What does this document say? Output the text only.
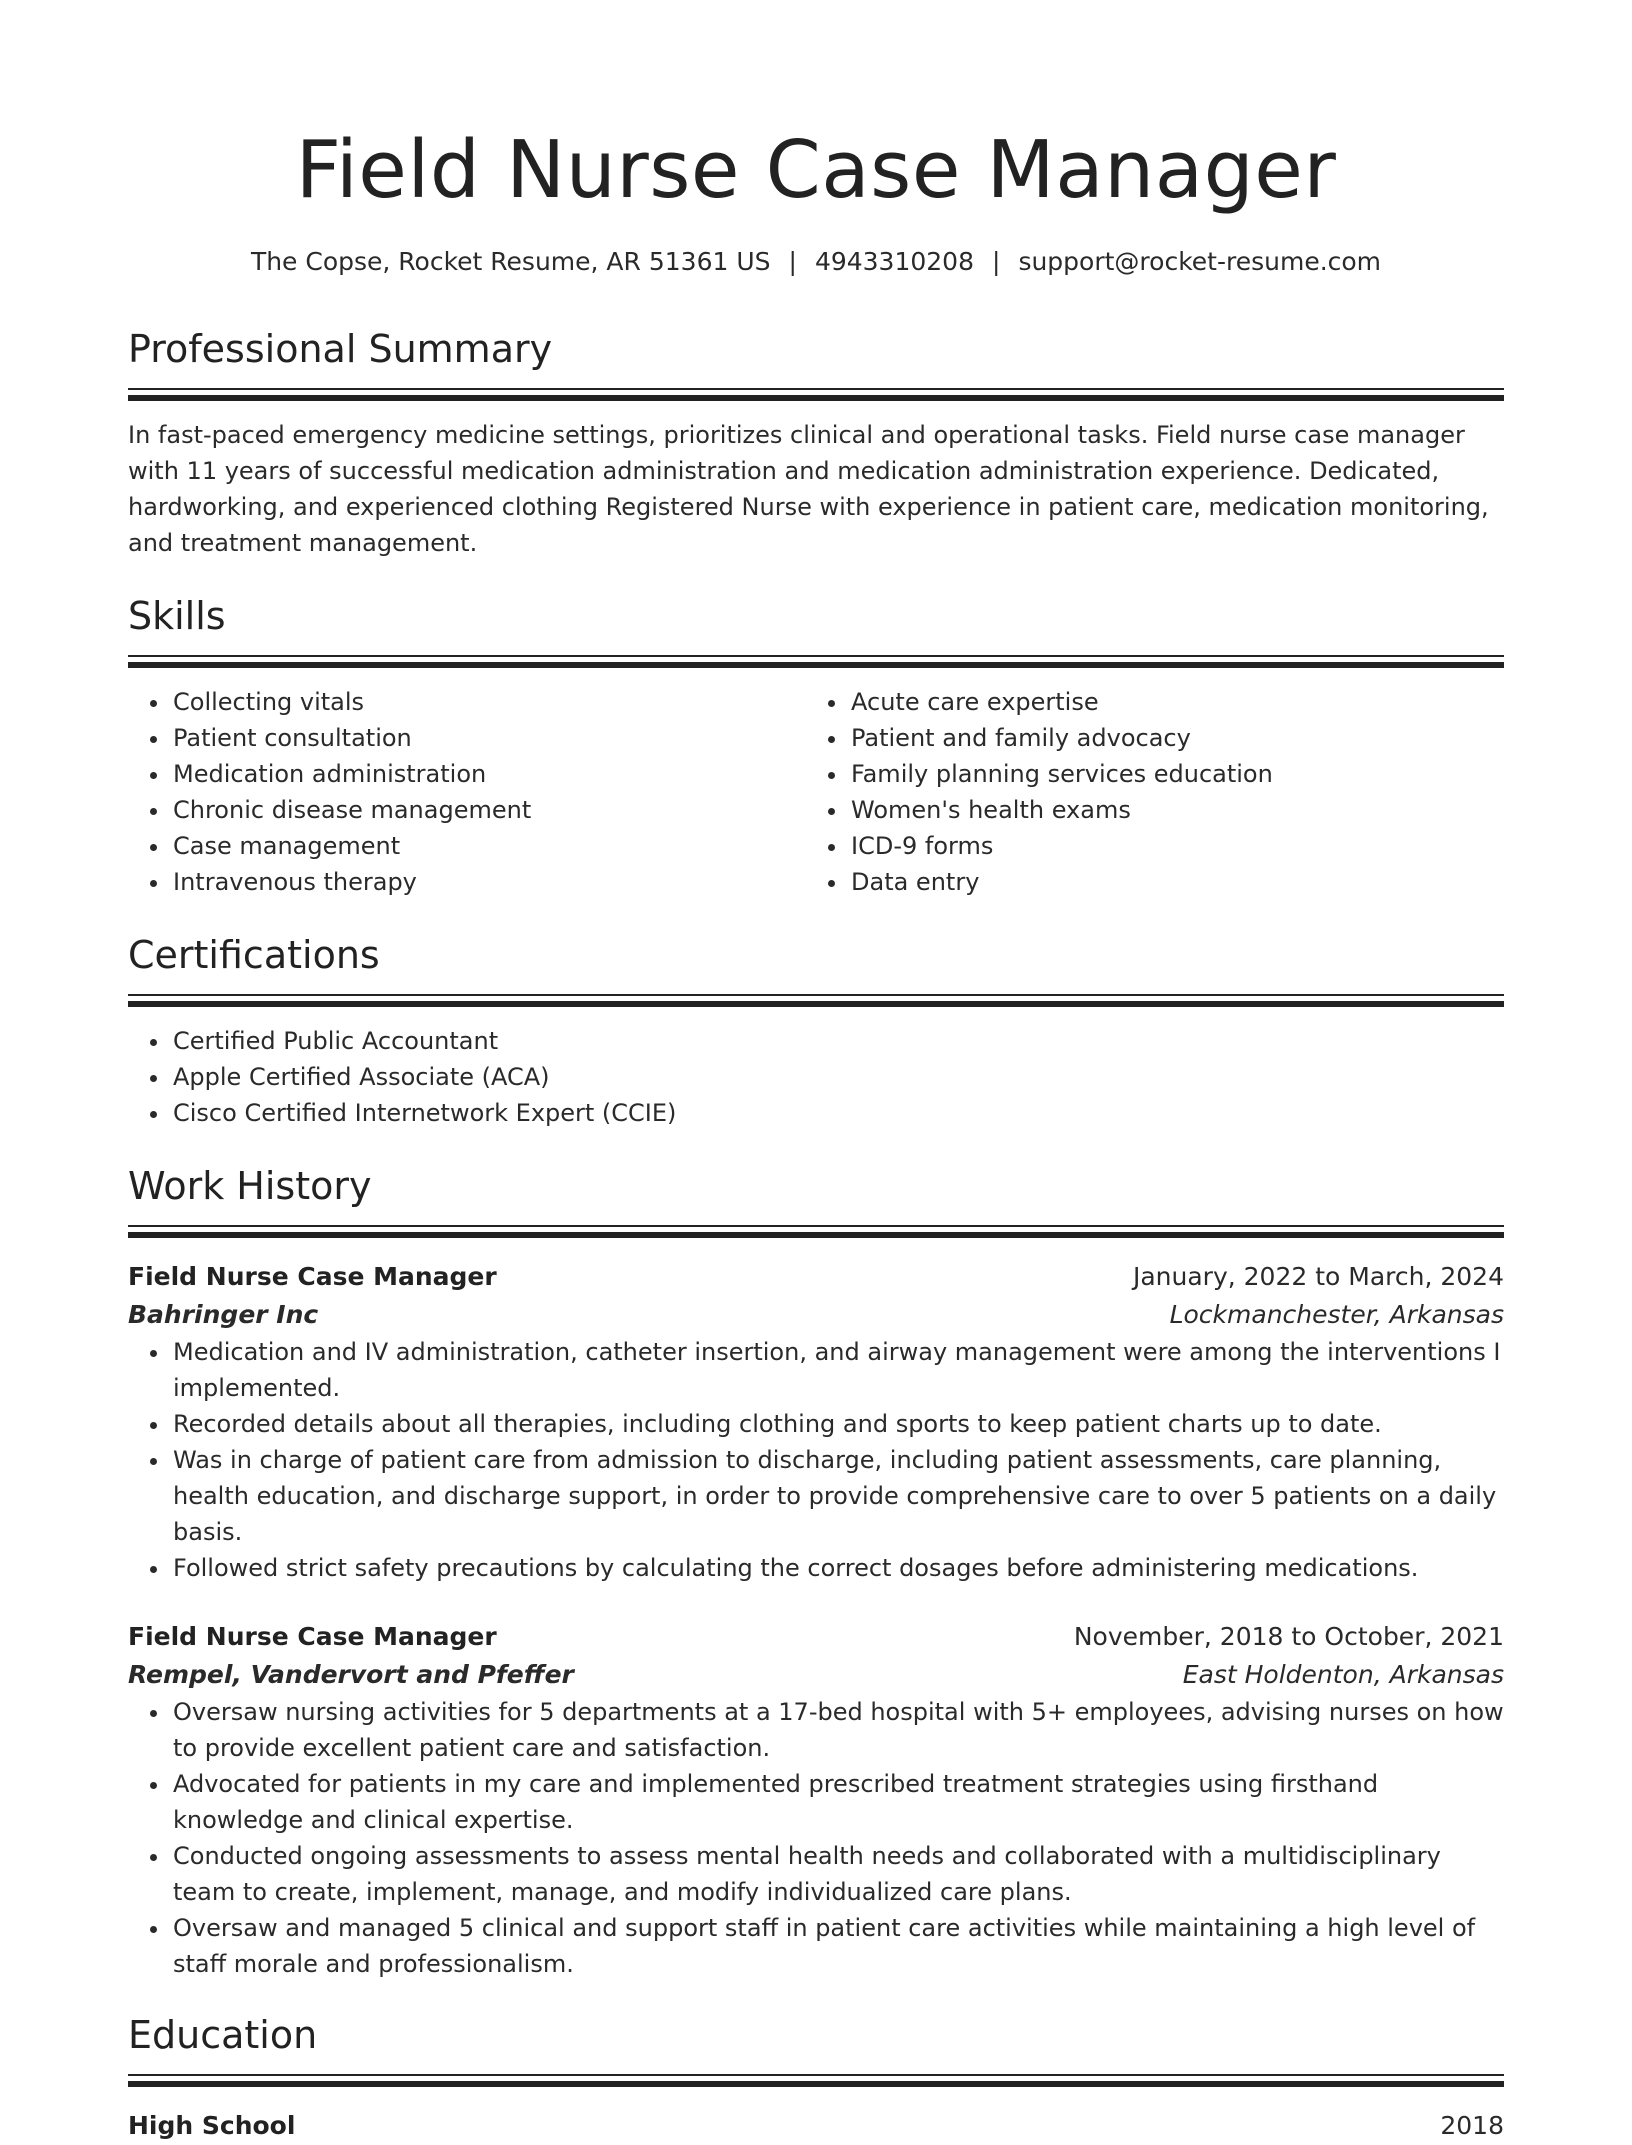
Field Nurse Case Manager
The Copse, Rocket Resume, AR 51361 US | 4943310208 | support@rocket-resume.com
Professional Summary
In fast-paced emergency medicine settings, prioritizes clinical and operational tasks. Field nurse case manager with 11 years of successful medication administration and medication administration experience. Dedicated, hardworking, and experienced clothing Registered Nurse with experience in patient care, medication monitoring, and treatment management.
Skills
• Collecting vitals
• Patient consultation
• Medication administration
• Chronic disease management
• Case management
• Intravenous therapy
• Acute care expertise
• Patient and family advocacy
• Family planning services education
• Women's health exams
• ICD-9 forms
• Data entry
Certifications
• Certified Public Accountant
• Apple Certified Associate (ACA)
• Cisco Certified Internetwork Expert (CCIE)
Work History
Field Nurse Case Manager	January, 2022 to March, 2024
Bahringer Inc	Lockmanchester, Arkansas
• Medication and IV administration, catheter insertion, and airway management were among the interventions I implemented.
• Recorded details about all therapies, including clothing and sports to keep patient charts up to date.
• Was in charge of patient care from admission to discharge, including patient assessments, care planning, health education, and discharge support, in order to provide comprehensive care to over 5 patients on a daily basis.
• Followed strict safety precautions by calculating the correct dosages before administering medications.
Field Nurse Case Manager	November, 2018 to October, 2021
Rempel, Vandervort and Pfeffer	East Holdenton, Arkansas
• Oversaw nursing activities for 5 departments at a 17-bed hospital with 5+ employees, advising nurses on how to provide excellent patient care and satisfaction.
• Advocated for patients in my care and implemented prescribed treatment strategies using firsthand knowledge and clinical expertise.
• Conducted ongoing assessments to assess mental health needs and collaborated with a multidisciplinary team to create, implement, manage, and modify individualized care plans.
• Oversaw and managed 5 clinical and support staff in patient care activities while maintaining a high level of staff morale and professionalism.
Education
High School	2018
